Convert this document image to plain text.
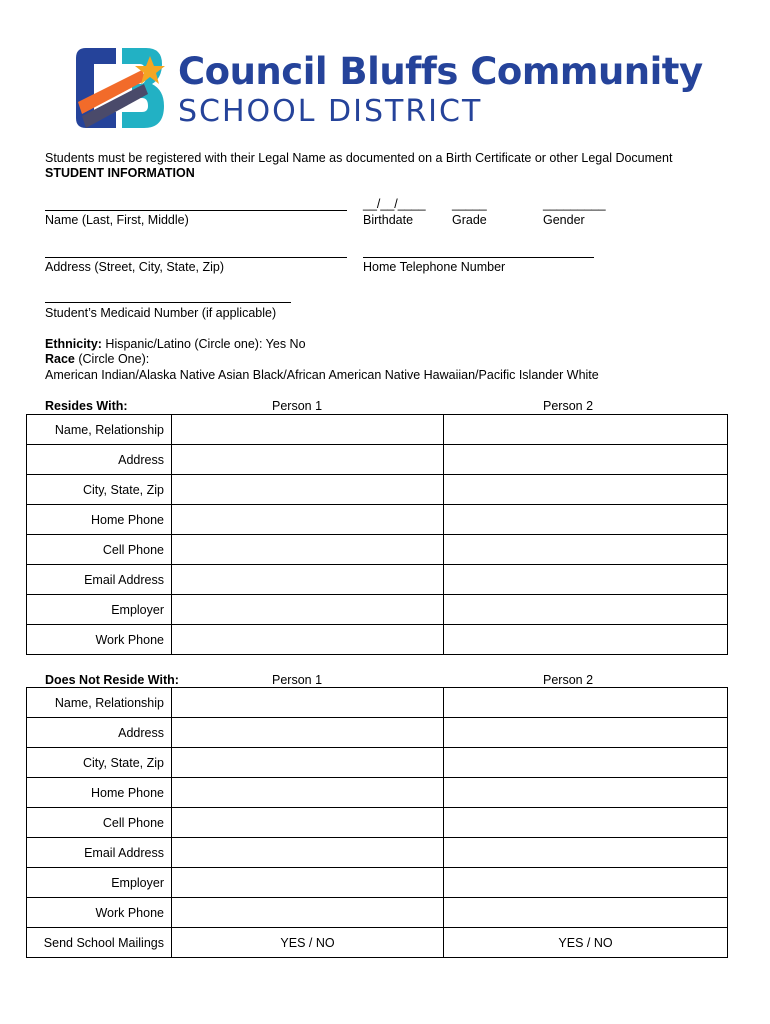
Council Bluffs Community
SCHOOL DISTRICT
Students must be registered with their Legal Name as documented on a Birth Certificate or other Legal Document
STUDENT INFORMATION
Name (Last, First, Middle)
__/__/____
Birthdate
_____
Grade
_________
Gender
Address (Street, City, State, Zip)	Home Telephone Number
Student’s Medicaid Number (if applicable)
Ethnicity: Hispanic/Latino (Circle one): Yes No
Race (Circle One):
American Indian/Alaska Native Asian Black/African American Native Hawaiian/Pacific Islander White
Resides With:	Person 1	Person 2
Name, Relationship		
Address		
City, State, Zip		
Home Phone		
Cell Phone		
Email Address		
Employer		
Work Phone		
Does Not Reside With:	Person 1	Person 2
Name, Relationship		
Address		
City, State, Zip		
Home Phone		
Cell Phone		
Email Address		
Employer		
Work Phone		
Send School Mailings	YES / NO	YES / NO
